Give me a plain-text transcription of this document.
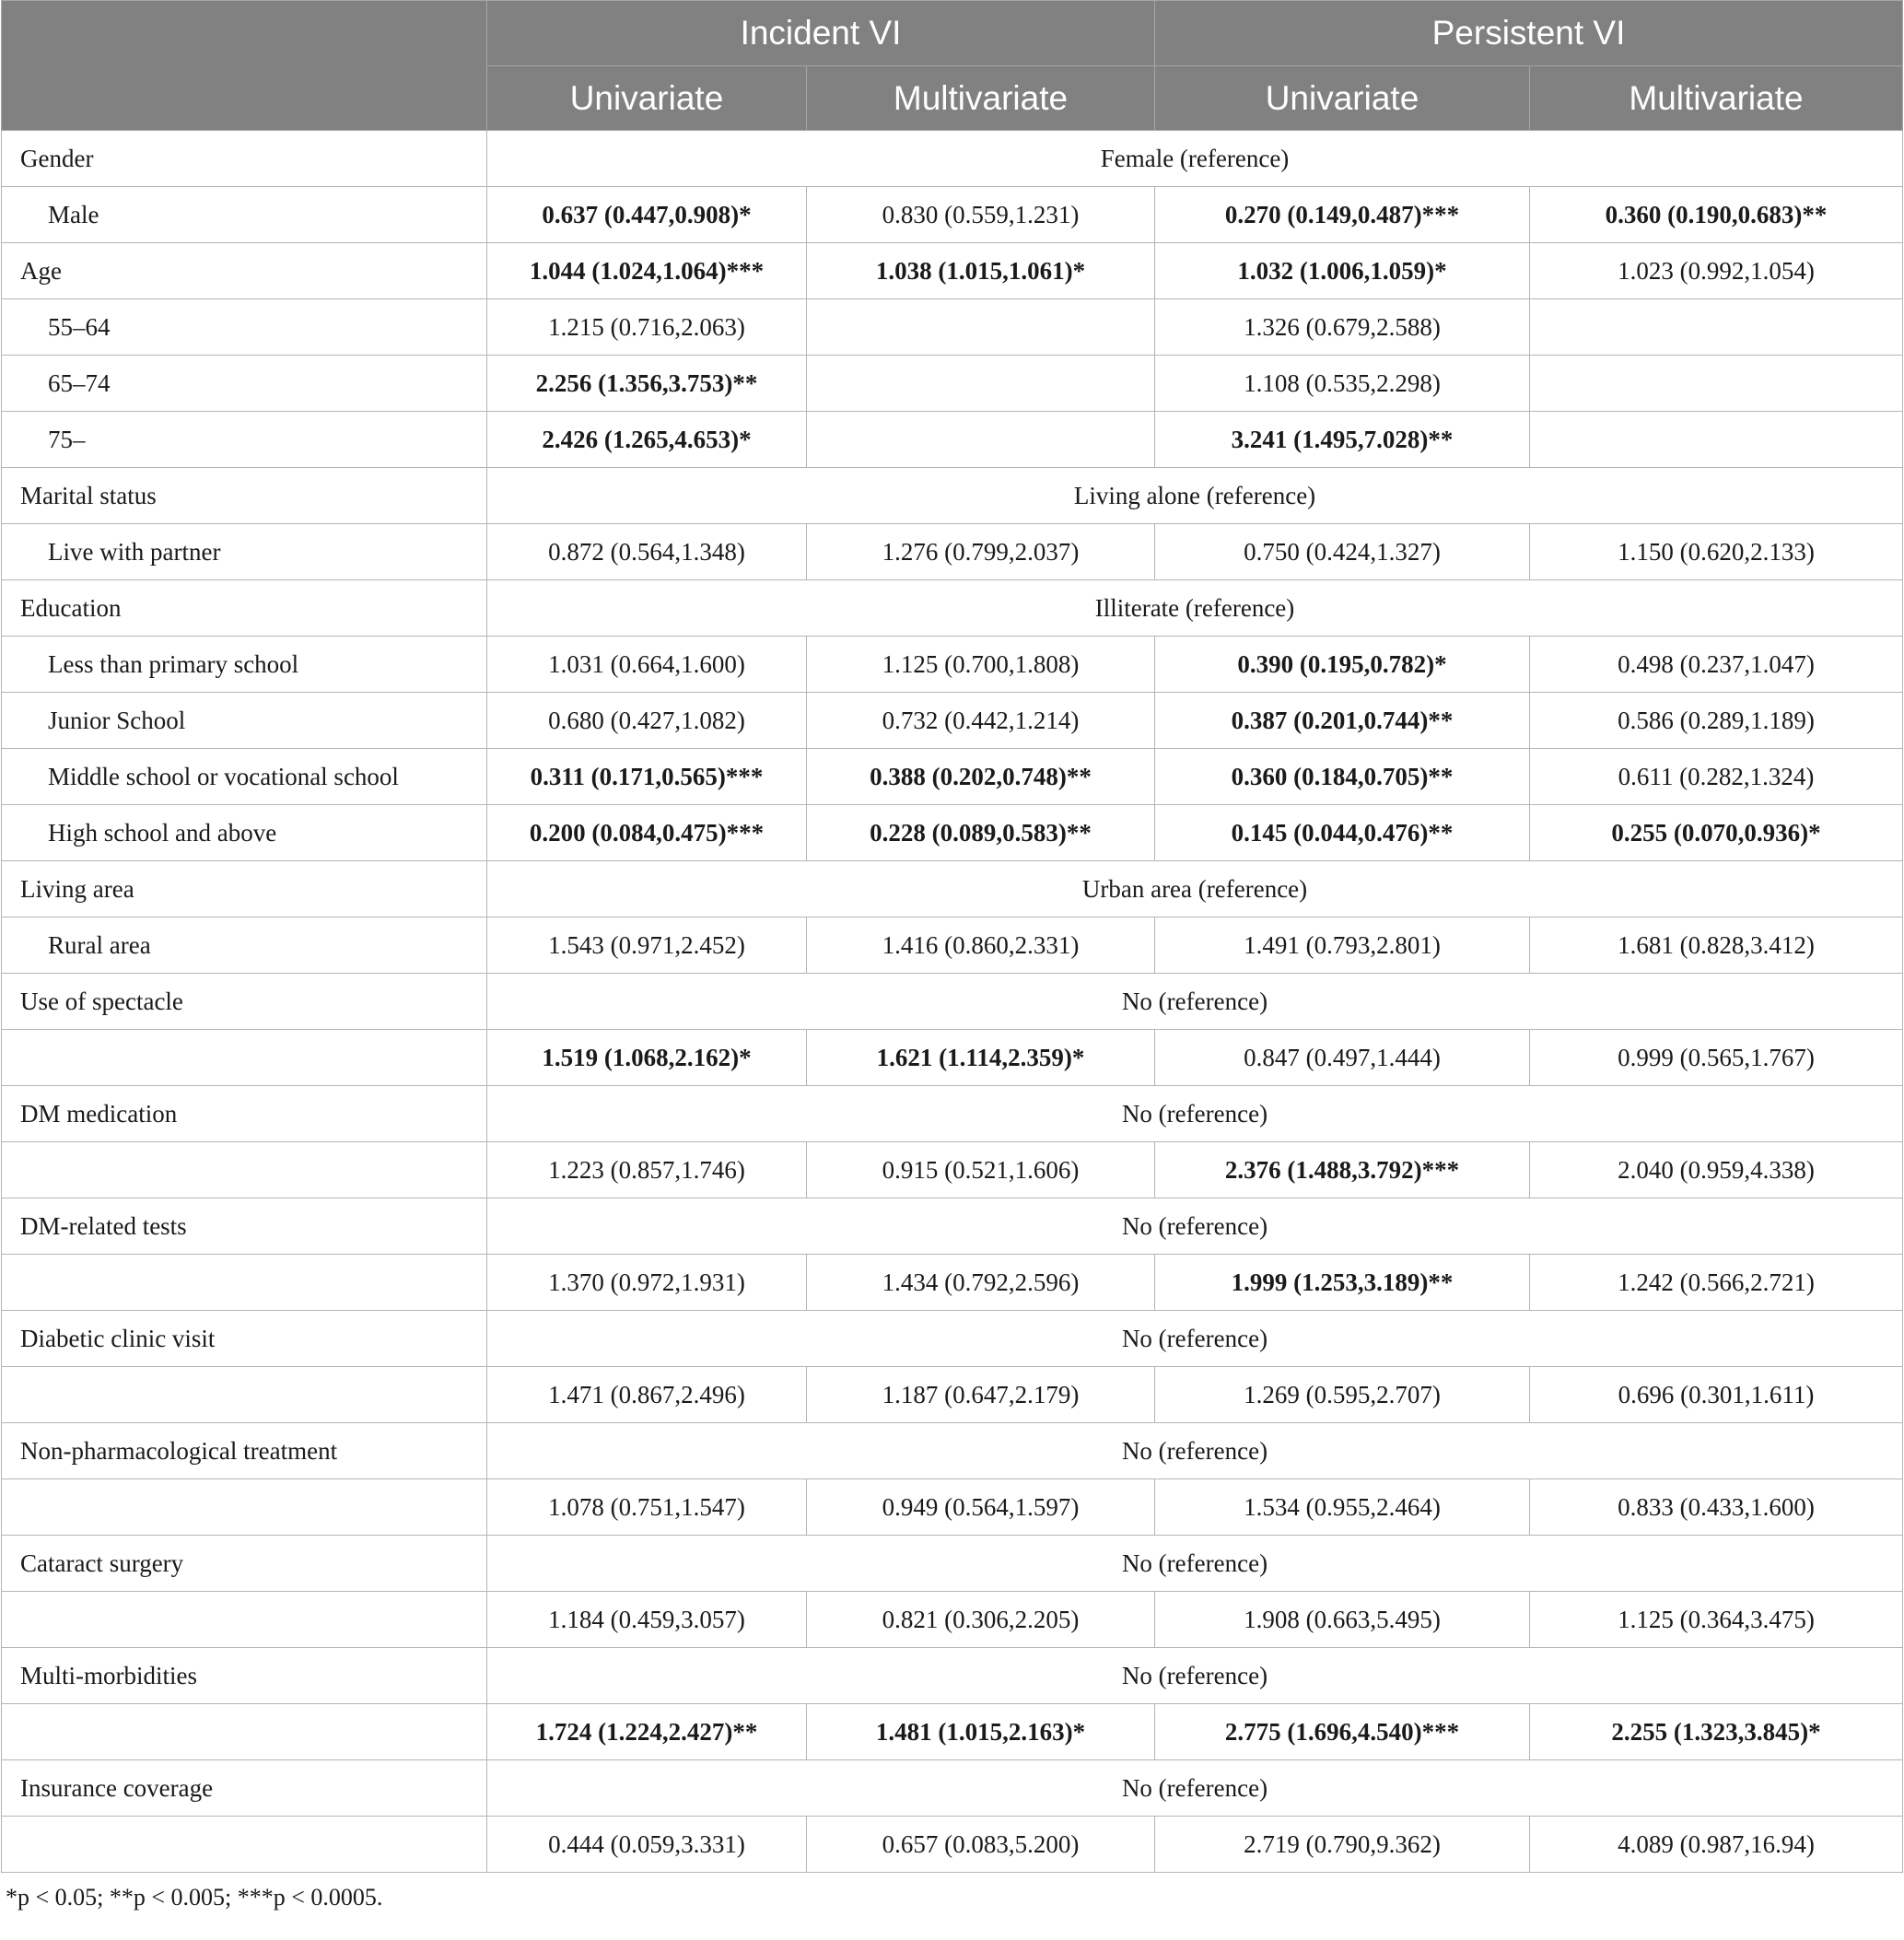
	Incident VI		Persistent VI	
	Univariate	Multivariate	Univariate	Multivariate
Gender	Female (reference)			
Male	0.637 (0.447,0.908)*	0.830 (0.559,1.231)	0.270 (0.149,0.487)***	0.360 (0.190,0.683)**
Age	1.044 (1.024,1.064)***	1.038 (1.015,1.061)*	1.032 (1.006,1.059)*	1.023 (0.992,1.054)
55–64	1.215 (0.716,2.063)		1.326 (0.679,2.588)	
65–74	2.256 (1.356,3.753)**		1.108 (0.535,2.298)	
75–	2.426 (1.265,4.653)*		3.241 (1.495,7.028)**	
Marital status	Living alone (reference)			
Live with partner	0.872 (0.564,1.348)	1.276 (0.799,2.037)	0.750 (0.424,1.327)	1.150 (0.620,2.133)
Education	Illiterate (reference)			
Less than primary school	1.031 (0.664,1.600)	1.125 (0.700,1.808)	0.390 (0.195,0.782)*	0.498 (0.237,1.047)
Junior School	0.680 (0.427,1.082)	0.732 (0.442,1.214)	0.387 (0.201,0.744)**	0.586 (0.289,1.189)
Middle school or vocational school	0.311 (0.171,0.565)***	0.388 (0.202,0.748)**	0.360 (0.184,0.705)**	0.611 (0.282,1.324)
High school and above	0.200 (0.084,0.475)***	0.228 (0.089,0.583)**	0.145 (0.044,0.476)**	0.255 (0.070,0.936)*
Living area	Urban area (reference)			
Rural area	1.543 (0.971,2.452)	1.416 (0.860,2.331)	1.491 (0.793,2.801)	1.681 (0.828,3.412)
Use of spectacle	No (reference)			
	1.519 (1.068,2.162)*	1.621 (1.114,2.359)*	0.847 (0.497,1.444)	0.999 (0.565,1.767)
DM medication	No (reference)			
	1.223 (0.857,1.746)	0.915 (0.521,1.606)	2.376 (1.488,3.792)***	2.040 (0.959,4.338)
DM-related tests	No (reference)			
	1.370 (0.972,1.931)	1.434 (0.792,2.596)	1.999 (1.253,3.189)**	1.242 (0.566,2.721)
Diabetic clinic visit	No (reference)			
	1.471 (0.867,2.496)	1.187 (0.647,2.179)	1.269 (0.595,2.707)	0.696 (0.301,1.611)
Non-pharmacological treatment	No (reference)			
	1.078 (0.751,1.547)	0.949 (0.564,1.597)	1.534 (0.955,2.464)	0.833 (0.433,1.600)
Cataract surgery	No (reference)			
	1.184 (0.459,3.057)	0.821 (0.306,2.205)	1.908 (0.663,5.495)	1.125 (0.364,3.475)
Multi-morbidities	No (reference)			
	1.724 (1.224,2.427)**	1.481 (1.015,2.163)*	2.775 (1.696,4.540)***	2.255 (1.323,3.845)*
Insurance coverage	No (reference)			
	0.444 (0.059,3.331)	0.657 (0.083,5.200)	2.719 (0.790,9.362)	4.089 (0.987,16.94)
*p < 0.05; **p < 0.005; ***p < 0.0005.
